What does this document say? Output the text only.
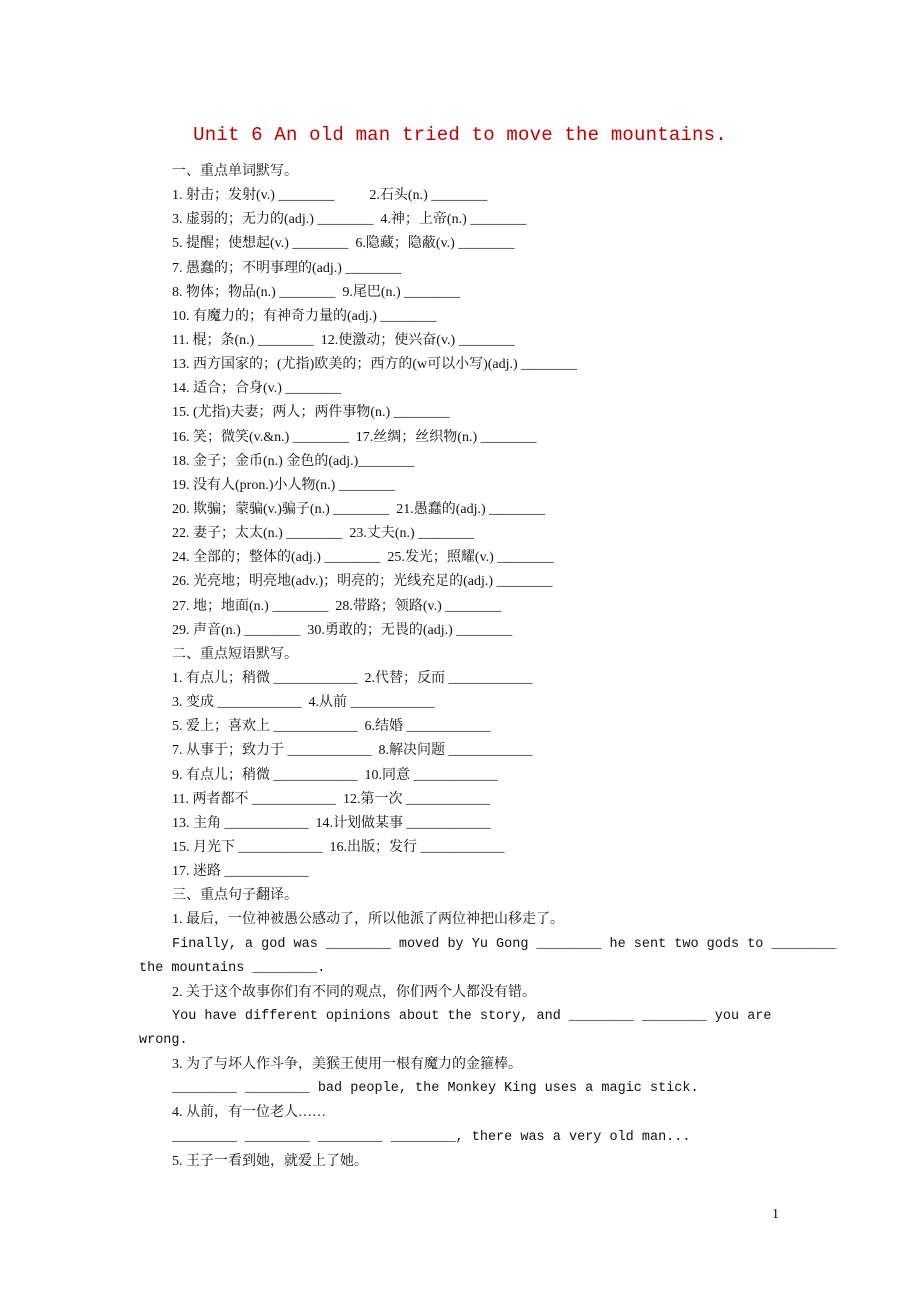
Unit 6 An old man tried to move the mountains.
一、重点单词默写。
1. 射击；发射(v.) ________          2.石头(n.) ________
3. 虚弱的；无力的(adj.) ________  4.神；上帝(n.) ________
5. 提醒；使想起(v.) ________  6.隐藏；隐蔽(v.) ________
7. 愚蠢的；不明事理的(adj.) ________
8. 物体；物品(n.) ________  9.尾巴(n.) ________
10. 有魔力的；有神奇力量的(adj.) ________
11. 棍；条(n.) ________  12.使激动；使兴奋(v.) ________
13. 西方国家的；(尤指)欧美的；西方的(w可以小写)(adj.) ________
14. 适合；合身(v.) ________
15. (尤指)夫妻；两人；两件事物(n.) ________
16. 笑；微笑(v.&n.) ________  17.丝绸；丝织物(n.) ________
18. 金子；金币(n.) 金色的(adj.)________
19. 没有人(pron.)小人物(n.) ________
20. 欺骗；蒙骗(v.)骗子(n.) ________  21.愚蠢的(adj.) ________
22. 妻子；太太(n.) ________  23.丈夫(n.) ________
24. 全部的；整体的(adj.) ________  25.发光；照耀(v.) ________
26. 光亮地；明亮地(adv.)；明亮的；光线充足的(adj.) ________
27. 地；地面(n.) ________  28.带路；领路(v.) ________
29. 声音(n.) ________  30.勇敢的；无畏的(adj.) ________
二、重点短语默写。
1. 有点儿；稍微 ____________  2.代替；反而 ____________
3. 变成 ____________  4.从前 ____________
5. 爱上；喜欢上 ____________  6.结婚 ____________
7. 从事于；致力于 ____________  8.解决问题 ____________
9. 有点儿；稍微 ____________  10.同意 ____________
11. 两者都不 ____________  12.第一次 ____________
13. 主角 ____________  14.计划做某事 ____________
15. 月光下 ____________  16.出版；发行 ____________
17. 迷路 ____________
三、重点句子翻译。
1. 最后，一位神被愚公感动了，所以他派了两位神把山移走了。
Finally, a god was ________ moved by Yu Gong ________ he sent two gods to ________
the mountains ________.
2. 关于这个故事你们有不同的观点，你们两个人都没有错。
You have different opinions about the story, and ________ ________ you are
wrong.
3. 为了与坏人作斗争，美猴王使用一根有魔力的金箍棒。
________ ________ bad people, the Monkey King uses a magic stick.
4. 从前，有一位老人……
________ ________ ________ ________, there was a very old man...
5. 王子一看到她，就爱上了她。
1
